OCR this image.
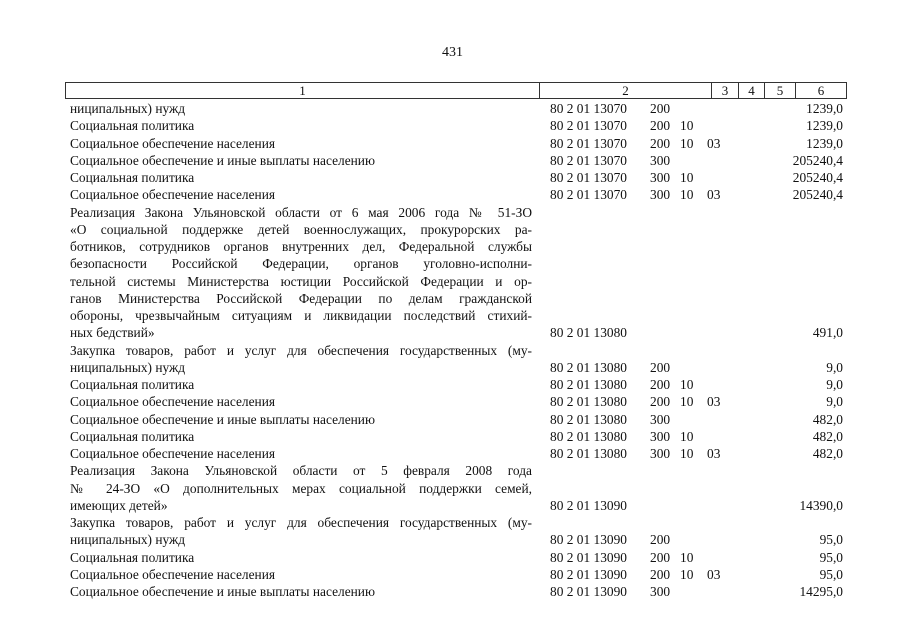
431
1	2	3	4	5	6
ниципальных) нужд	80 2 01 13070 200	1239,0
Социальная политика	80 2 01 13070 200 10	1239,0
Социальное обеспечение населения	80 2 01 13070 200 10 03	1239,0
Социальное обеспечение и иные выплаты населению	80 2 01 13070 300	205240,4
Социальная политика	80 2 01 13070 300 10	205240,4
Социальное обеспечение населения	80 2 01 13070 300 10 03	205240,4
Реализация Закона Ульяновской области от 6 мая 2006 года № 51-ЗО
«О социальной поддержке детей военнослужащих, прокурорских ра-
ботников, сотрудников органов внутренних дел, Федеральной службы
безопасности Российской Федерации, органов уголовно-исполни-
тельной системы Министерства юстиции Российской Федерации и ор-
ганов Министерства Российской Федерации по делам гражданской
обороны, чрезвычайным ситуациям и ликвидации последствий стихий-
ных бедствий»	80 2 01 13080	491,0
Закупка товаров, работ и услуг для обеспечения государственных (му-
ниципальных) нужд	80 2 01 13080 200	9,0
Социальная политика	80 2 01 13080 200 10	9,0
Социальное обеспечение населения	80 2 01 13080 200 10 03	9,0
Социальное обеспечение и иные выплаты населению	80 2 01 13080 300	482,0
Социальная политика	80 2 01 13080 300 10	482,0
Социальное обеспечение населения	80 2 01 13080 300 10 03	482,0
Реализация Закона Ульяновской области от 5 февраля 2008 года
№ 24-ЗО «О дополнительных мерах социальной поддержки семей,
имеющих детей»	80 2 01 13090	14390,0
Закупка товаров, работ и услуг для обеспечения государственных (му-
ниципальных) нужд	80 2 01 13090 200	95,0
Социальная политика	80 2 01 13090 200 10	95,0
Социальное обеспечение населения	80 2 01 13090 200 10 03	95,0
Социальное обеспечение и иные выплаты населению	80 2 01 13090 300	14295,0
